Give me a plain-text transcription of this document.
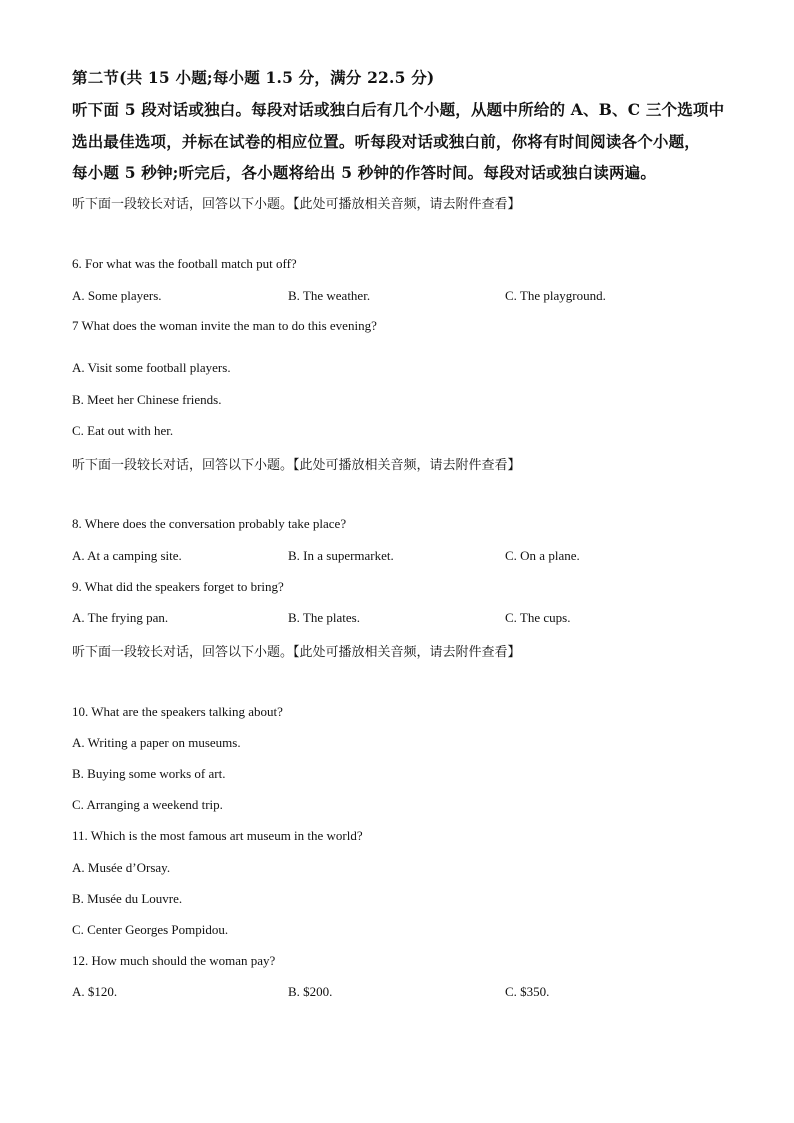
第二节(共 15 小题;每小题 1.5 分，满分 22.5 分)
听下面 5 段对话或独白。每段对话或独白后有几个小题，从题中所给的 A、B、C 三个选项中
选出最佳选项，并标在试卷的相应位置。听每段对话或独白前，你将有时间阅读各个小题，
每小题 5 秒钟;听完后，各小题将给出 5 秒钟的作答时间。每段对话或独白读两遍。
听下面一段较长对话，回答以下小题。【此处可播放相关音频，请去附件查看】
6. For what was the football match put off?
A. Some players.	B. The weather.	C. The playground.
7 What does the woman invite the man to do this evening?
A. Visit some football players.
B. Meet her Chinese friends.
C. Eat out with her.
听下面一段较长对话，回答以下小题。【此处可播放相关音频，请去附件查看】
8. Where does the conversation probably take place?
A. At a camping site.	B. In a supermarket.	C. On a plane.
9. What did the speakers forget to bring?
A. The frying pan.	B. The plates.	C. The cups.
听下面一段较长对话，回答以下小题。【此处可播放相关音频，请去附件查看】
10. What are the speakers talking about?
A. Writing a paper on museums.
B. Buying some works of art.
C. Arranging a weekend trip.
11. Which is the most famous art museum in the world?
A. Musée d’Orsay.
B. Musée du Louvre.
C. Center Georges Pompidou.
12. How much should the woman pay?
A. $120.	B. $200.	C. $350.
